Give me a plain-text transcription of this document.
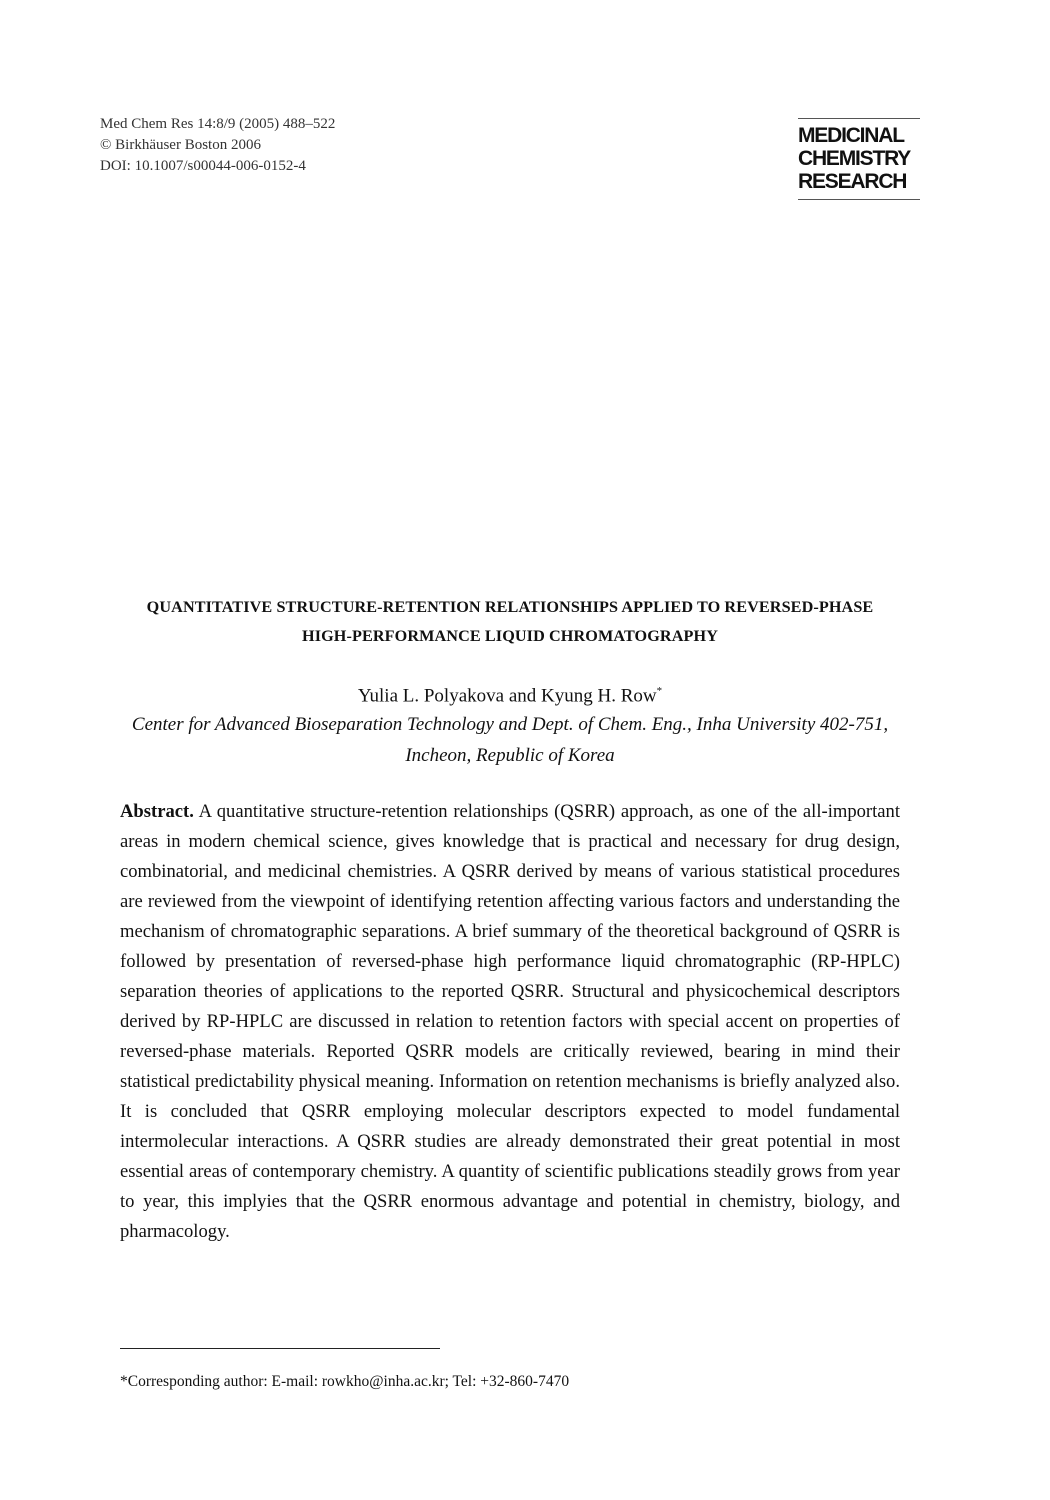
Med Chem Res 14:8/9 (2005) 488–522
© Birkhäuser Boston 2006
DOI: 10.1007/s00044-006-0152-4
MEDICINAL
CHEMISTRY
RESEARCH
QUANTITATIVE STRUCTURE-RETENTION RELATIONSHIPS APPLIED TO REVERSED-PHASE HIGH-PERFORMANCE LIQUID CHROMATOGRAPHY
Yulia L. Polyakova and Kyung H. Row*
Center for Advanced Bioseparation Technology and Dept. of Chem. Eng., Inha University 402-751, Incheon, Republic of Korea
Abstract. A quantitative structure-retention relationships (QSRR) approach, as one of the all-important areas in modern chemical science, gives knowledge that is practical and necessary for drug design, combinatorial, and medicinal chemistries. A QSRR derived by means of various statistical procedures are reviewed from the viewpoint of identifying retention affecting various factors and understanding the mechanism of chromatographic separations. A brief summary of the theoretical background of QSRR is followed by presentation of reversed-phase high performance liquid chromatographic (RP-HPLC) separation theories of applications to the reported QSRR. Structural and physicochemical descriptors derived by RP-HPLC are discussed in relation to retention factors with special accent on properties of reversed-phase materials. Reported QSRR models are critically reviewed, bearing in mind their statistical predictability physical meaning. Information on retention mechanisms is briefly analyzed also. It is concluded that QSRR employing molecular descriptors expected to model fundamental intermolecular interactions. A QSRR studies are already demonstrated their great potential in most essential areas of contemporary chemistry. A quantity of scientific publications steadily grows from year to year, this implyies that the QSRR enormous advantage and potential in chemistry, biology, and pharmacology.
*Corresponding author: E-mail: rowkho@inha.ac.kr; Tel: +32-860-7470
